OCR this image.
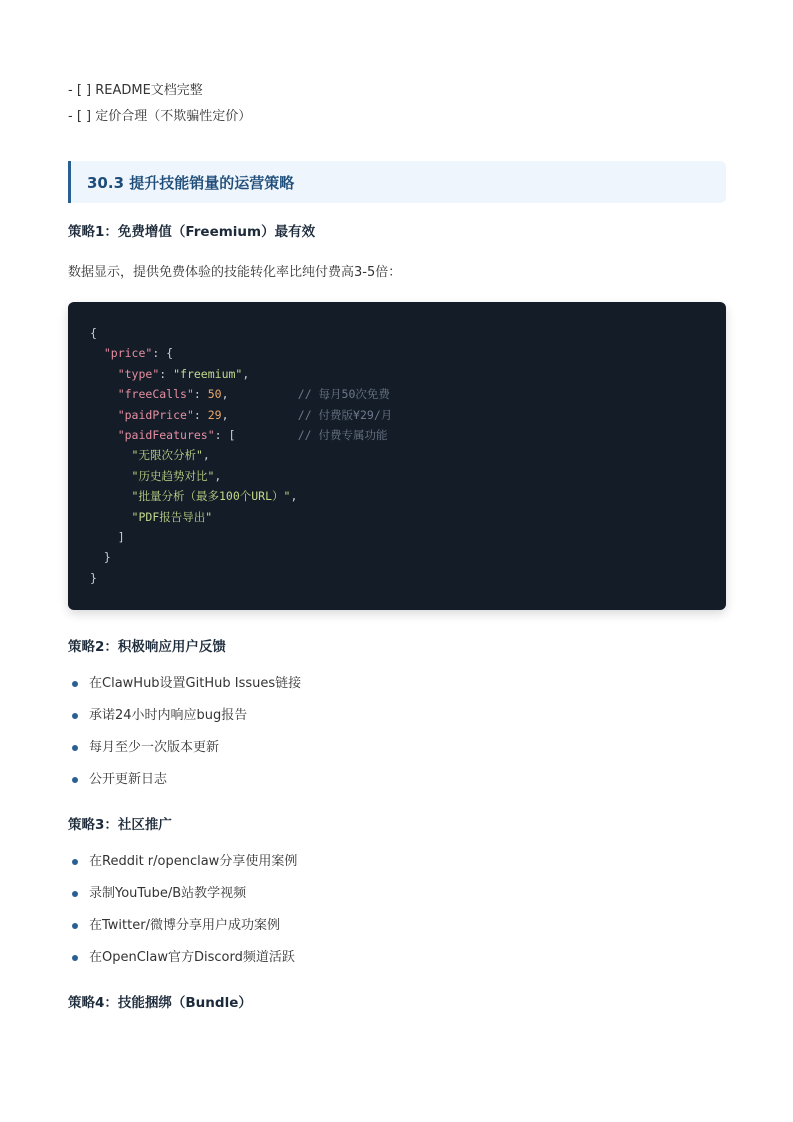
- [ ] README文档完整
- [ ] 定价合理（不欺骗性定价）
30.3 提升技能销量的运营策略
策略1：免费增值（Freemium）最有效
数据显示，提供免费体验的技能转化率比纯付费高3-5倍：
{
"price": {
"type": "freemium",
"freeCalls": 50,	// 每月50次免费
"paidPrice": 29,	// 付费版¥29/月
"paidFeatures": [	// 付费专属功能
"无限次分析",
"历史趋势对比",
"批量分析（最多100个URL）",
"PDF报告导出"
]
}
}
策略2：积极响应用户反馈
在ClawHub设置GitHub Issues链接
承诺24小时内响应bug报告
每月至少一次版本更新
公开更新日志
策略3：社区推广
在Reddit r/openclaw分享使用案例
录制YouTube/B站教学视频
在Twitter/微博分享用户成功案例
在OpenClaw官方Discord频道活跃
策略4：技能捆绑（Bundle）
